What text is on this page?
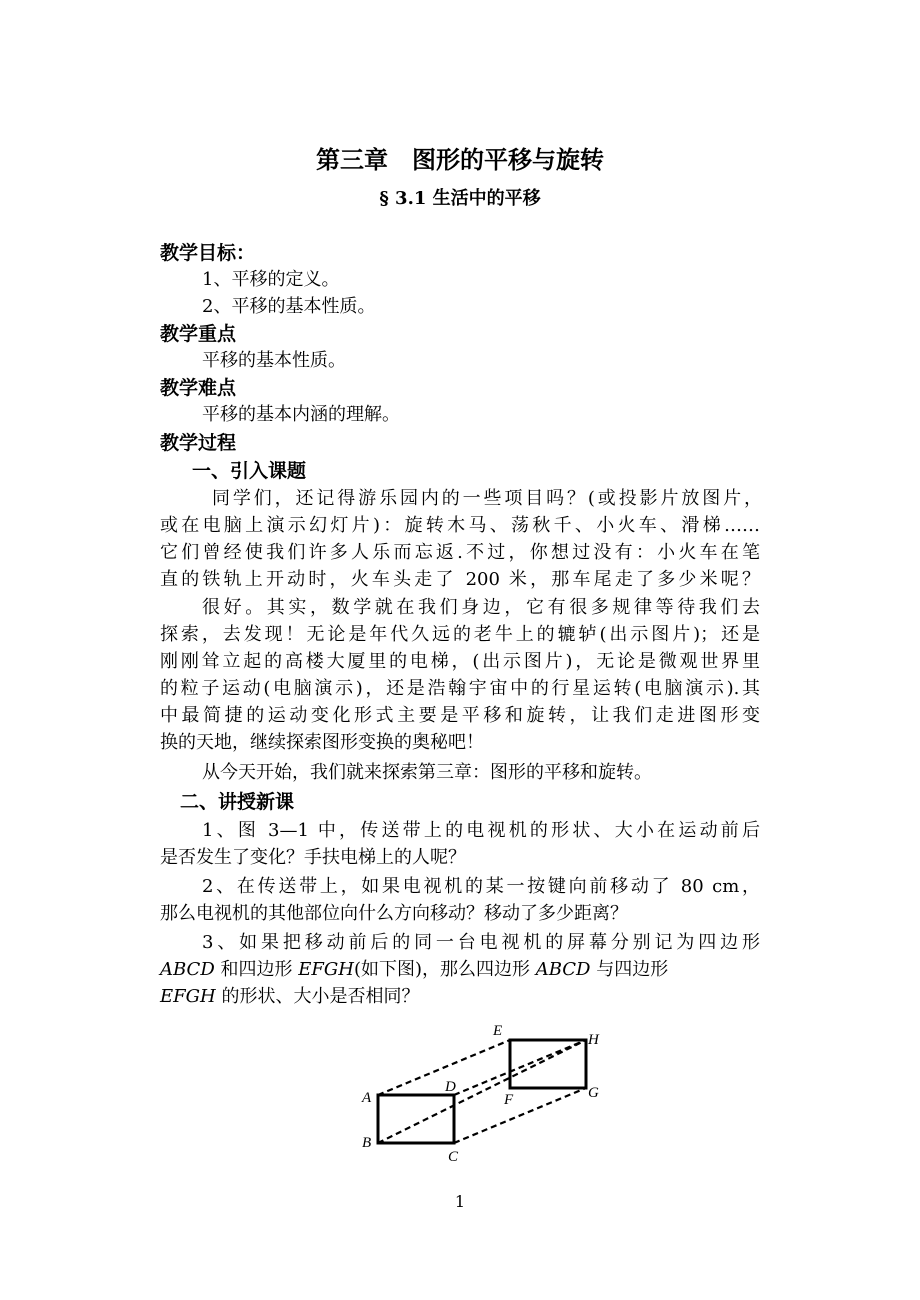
第三章　图形的平移与旋转
§ 3.1 生活中的平移
教学目标：
1、平移的定义。
2、平移的基本性质。
教学重点
平移的基本性质。
教学难点
平移的基本内涵的理解。
教学过程
一、引入课题
同学们，还记得游乐园内的一些项目吗？(或投影片放图片，
或在电脑上演示幻灯片)：旋转木马、荡秋千、小火车、滑梯……
它们曾经使我们许多人乐而忘返.不过，你想过没有：小火车在笔
直的铁轨上开动时，火车头走了 200 米，那车尾走了多少米呢？
很好。其实，数学就在我们身边，它有很多规律等待我们去
探索，去发现！无论是年代久远的老牛上的辘轳(出示图片)；还是
刚刚耸立起的高楼大厦里的电梯，(出示图片)，无论是微观世界里
的粒子运动(电脑演示)，还是浩翰宇宙中的行星运转(电脑演示).其
中最简捷的运动变化形式主要是平移和旋转，让我们走进图形变
换的天地，继续探索图形变换的奥秘吧！
从今天开始，我们就来探索第三章：图形的平移和旋转。
二、讲授新课
1、图 3—1 中，传送带上的电视机的形状、大小在运动前后
是否发生了变化？手扶电梯上的人呢？
2、在传送带上，如果电视机的某一按键向前移动了 80 cm，
那么电视机的其他部位向什么方向移动？移动了多少距离？
3、如果把移动前后的同一台电视机的屏幕分别记为四边形
ABCD 和四边形 EFGH(如下图)，那么四边形 ABCD 与四边形
EFGH 的形状、大小是否相同？
A
B
C
D
E
F	G
H
1
